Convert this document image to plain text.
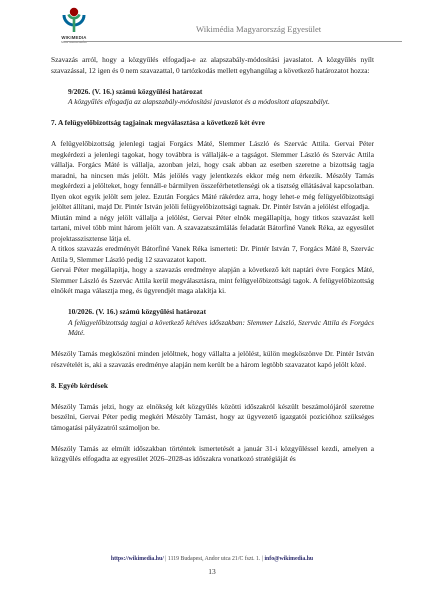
WIKIMEDIA
MAGYARORSZÁG
Wikimédia Magyarország Egyesület

Szavazás arról, hogy a közgyűlés elfogadja-e az alapszabály-módosítási javaslatot. A közgyűlés nyílt szavazással, 12 igen és 0 nem szavazattal, 0 tartózkodás mellett egyhangúlag a következő határozatot hozza:

9/2026. (V. 16.) számú közgyűlési határozat

A közgyűlés elfogadja az alapszabály-módosítási javaslatot és a módosított alapszabályt.

7. A felügyelőbizottság tagjainak megválasztása a következő két évre

A felügyelőbizottság jelenlegi tagjai Forgács Máté, Slemmer László és Szervác Attila. Gervai Péter megkérdezi a jelenlegi tagokat, hogy továbbra is vállalják-e a tagságot. Slemmer László és Szervác Attila vállalja. Forgács Máté is vállalja, azonban jelzi, hogy csak abban az esetben szeretne a bizottság tagja maradni, ha nincsen más jelölt. Más jelölés vagy jelentkezés ekkor még nem érkezik. Mészöly Tamás megkérdezi a jelölteket, hogy fennáll-e bármilyen összeférhetetlenségi ok a tisztség ellátásával kapcsolatban. Ilyen okot egyik jelölt sem jelez. Ezután Forgács Máté rákérdez arra, hogy lehet-e még felügyelőbizottsági jelöltet állítani, majd Dr. Pintér István jelöli felügyelőbizottsági tagnak. Dr. Pintér István a jelölést elfogadja.

Miután mind a négy jelölt vállalja a jelölést, Gervai Péter elnök megállapítja, hogy titkos szavazást kell tartani, mivel több mint három jelölt van. A szavazatszámlálás feladatát Bátorfiné Vanek Réka, az egyesület projektasszisztense látja el.

A titkos szavazás eredményét Bátorfiné Vanek Réka ismerteti: Dr. Pintér István 7, Forgács Máté 8, Szervác Attila 9, Slemmer László pedig 12 szavazatot kapott.

Gervai Péter megállapítja, hogy a szavazás eredménye alapján a következő két naptári évre Forgács Máté, Slemmer László és Szervác Attila kerül megválasztásra, mint felügyelőbizottsági tagok. A felügyelőbizottság elnökét maga választja meg, és ügyrendjét maga alakítja ki.

10/2026. (V. 16.) számú közgyűlési határozat

A felügyelőbizottság tagjai a következő kétéves időszakban: Slemmer László, Szervác Attila és Forgács Máté.

Mészöly Tamás megköszöni minden jelöltnek, hogy vállalta a jelölést, külön megköszönve Dr. Pintér István részvételét is, aki a szavazás eredménye alapján nem került be a három legtöbb szavazatot kapó jelölt közé.

8. Egyéb kérdések

Mészöly Tamás jelzi, hogy az elnökség két közgyűlés közötti időszakról készült beszámolójáról szeretne beszélni, Gervai Péter pedig megkéri Mészöly Tamást, hogy az ügyvezető igazgatói pozícióhoz szükséges támogatási pályázatról számoljon be.

Mészöly Tamás az elmúlt időszakban történtek ismertetését a január 31-i közgyűléssel kezdi, amelyen a közgyűlés elfogadta az egyesület 2026–2028-as időszakra vonatkozó stratégiáját és

https://wikimedia.hu/ | 1119 Budapest, Andor utca 21/C fszt. 1. | info@wikimedia.hu
13
